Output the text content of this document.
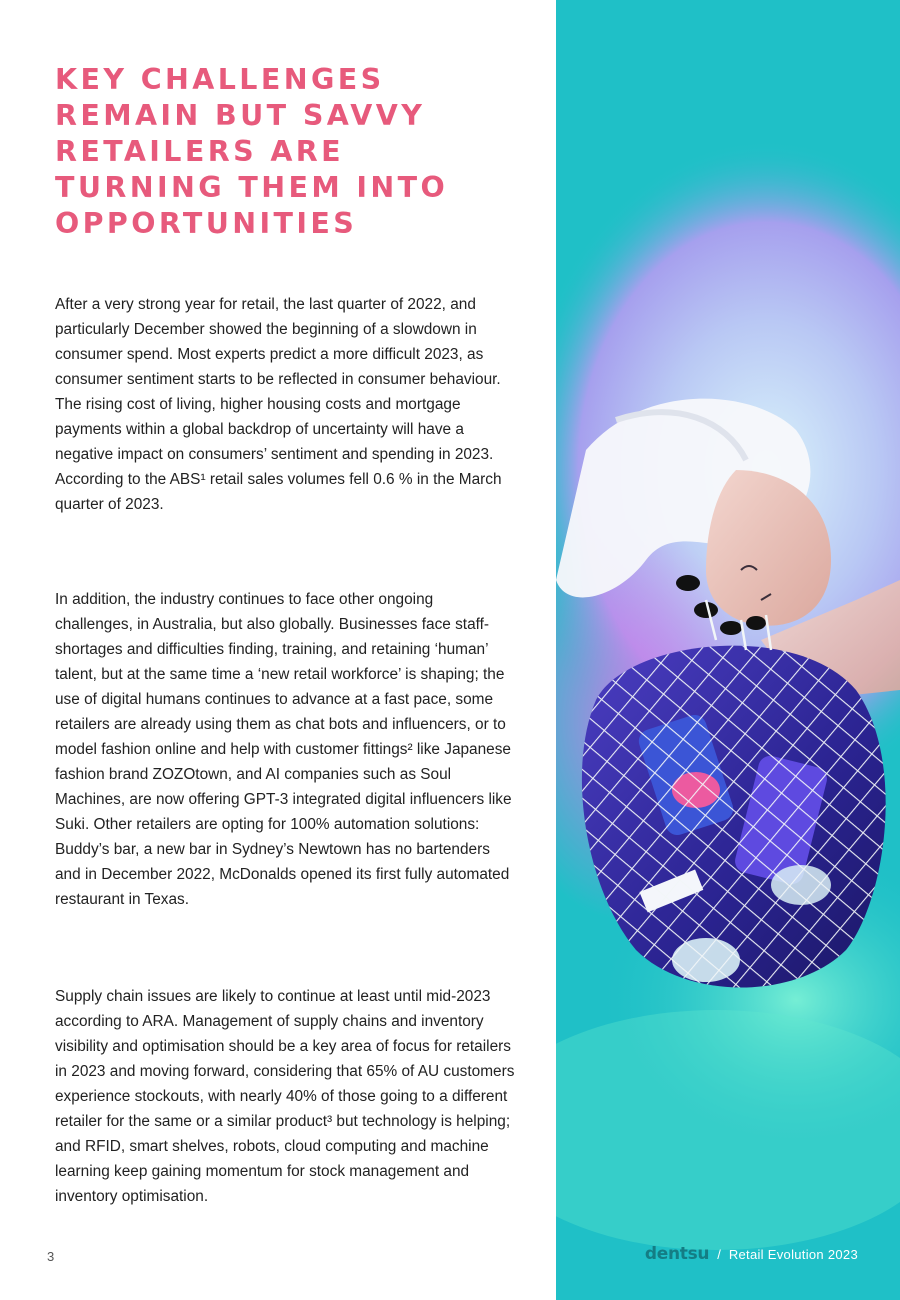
KEY CHALLENGES REMAIN BUT SAVVY RETAILERS ARE TURNING THEM INTO OPPORTUNITIES

After a very strong year for retail, the last quarter of 2022, and particularly December showed the beginning of a slowdown in consumer spend. Most experts predict a more difficult 2023, as consumer sentiment starts to be reflected in consumer behaviour. The rising cost of living, higher housing costs and mortgage payments within a global backdrop of uncertainty will have a negative impact on consumers’ sentiment and spending in 2023. According to the ABS¹ retail sales volumes fell 0.6 % in the March quarter of 2023.

In addition, the industry continues to face other ongoing challenges, in Australia, but also globally. Businesses face staff-shortages and difficulties finding, training, and retaining ‘human’ talent, but at the same time a ‘new retail workforce’ is shaping; the use of digital humans continues to advance at a fast pace, some retailers are already using them as chat bots and influencers, or to model fashion online and help with customer fittings² like Japanese fashion brand ZOZOtown, and AI companies such as Soul Machines, are now offering GPT-3 integrated digital influencers like Suki. Other retailers are opting for 100% automation solutions: Buddy’s bar, a new bar in Sydney’s Newtown has no bartenders and in December 2022, McDonalds opened its first fully automated restaurant in Texas.

Supply chain issues are likely to continue at least until mid-2023 according to ARA. Management of supply chains and inventory visibility and optimisation should be a key area of focus for retailers in 2023 and moving forward, considering that 65% of AU customers experience stockouts, with nearly 40% of those going to a different retailer for the same or a similar product³ but technology is helping; and RFID, smart shelves, robots, cloud computing and machine learning keep gaining momentum for stock management and inventory optimisation.

3	dentsu / Retail Evolution 2023
